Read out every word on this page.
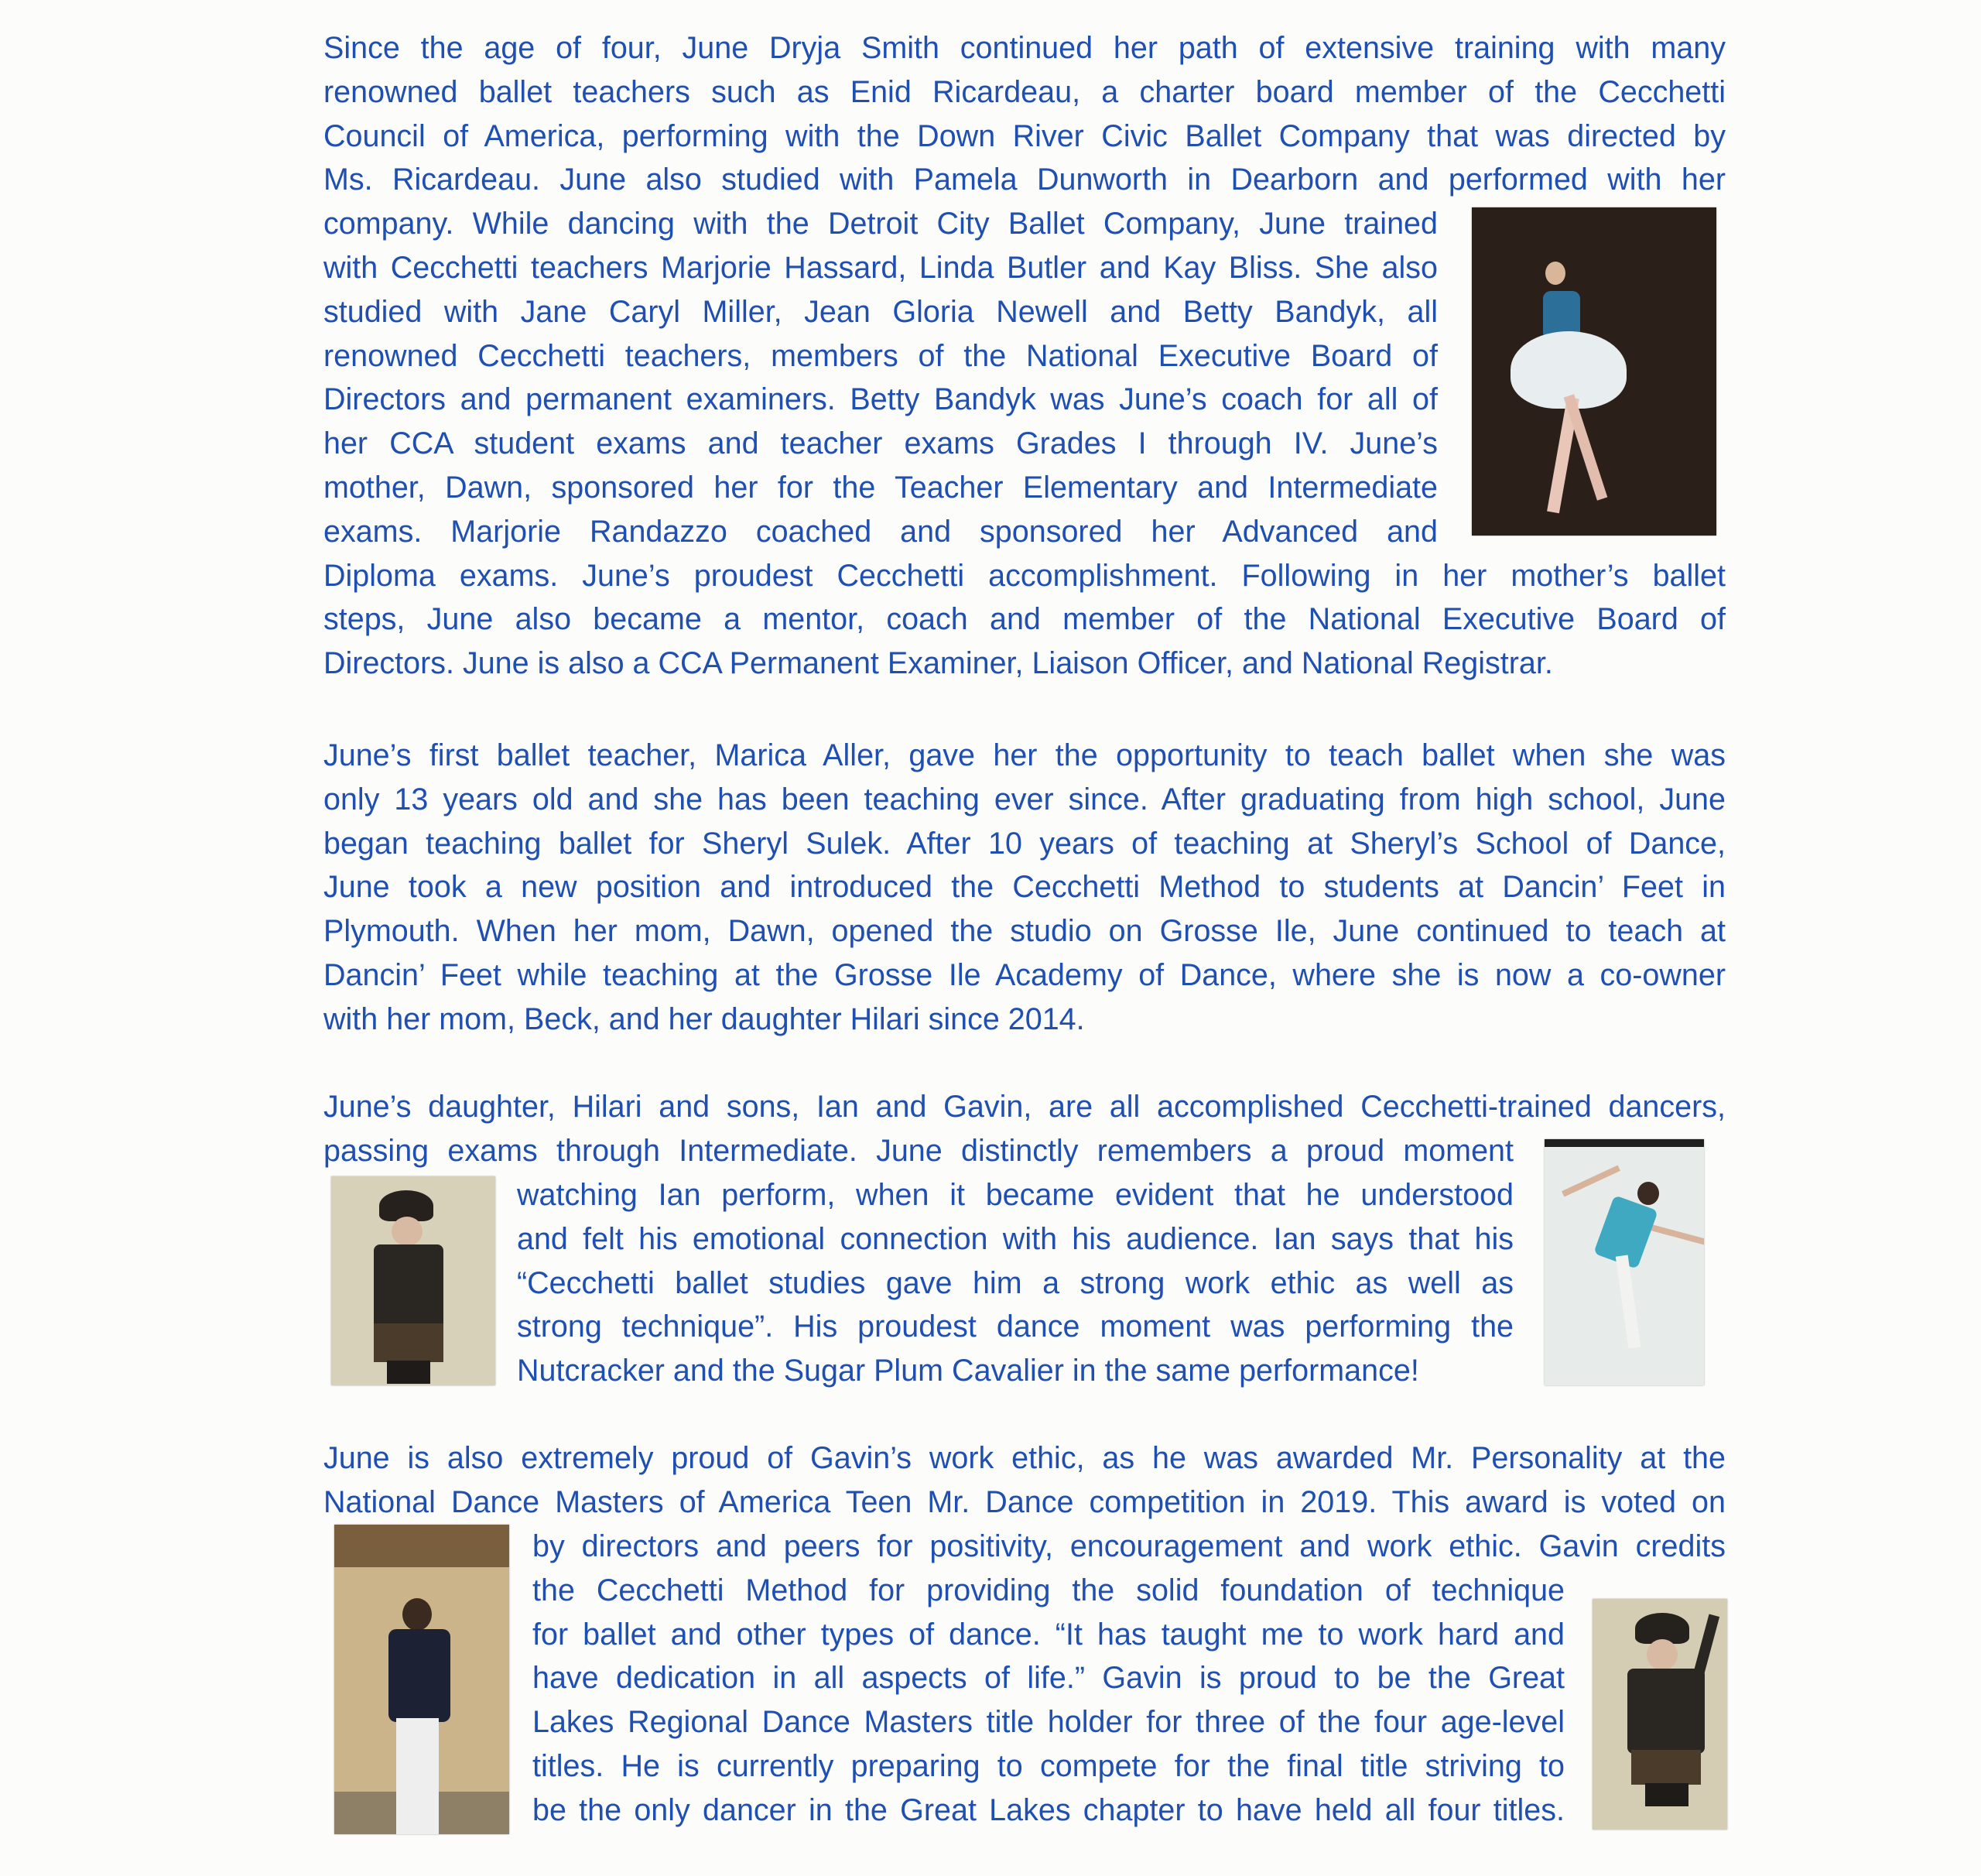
Since the age of four, June Dryja Smith continued her path of extensive training with many
renowned ballet teachers such as Enid Ricardeau, a charter board member of the Cecchetti
Council of America, performing with the Down River Civic Ballet Company that was directed by
Ms. Ricardeau. June also studied with Pamela Dunworth in Dearborn and performed with her
company. While dancing with the Detroit City Ballet Company, June trained
with Cecchetti teachers Marjorie Hassard, Linda Butler and Kay Bliss. She also
studied with Jane Caryl Miller, Jean Gloria Newell and Betty Bandyk, all
renowned Cecchetti teachers, members of the National Executive Board of
Directors and permanent examiners. Betty Bandyk was June’s coach for all of
her CCA student exams and teacher exams Grades I through IV. June’s
mother, Dawn, sponsored her for the Teacher Elementary and Intermediate
exams. Marjorie Randazzo coached and sponsored her Advanced and
Diploma exams. June’s proudest Cecchetti accomplishment. Following in her mother’s ballet
steps, June also became a mentor, coach and member of the National Executive Board of
Directors. June is also a CCA Permanent Examiner, Liaison Officer, and National Registrar.
June’s first ballet teacher, Marica Aller, gave her the opportunity to teach ballet when she was
only 13 years old and she has been teaching ever since. After graduating from high school, June
began teaching ballet for Sheryl Sulek. After 10 years of teaching at Sheryl’s School of Dance,
June took a new position and introduced the Cecchetti Method to students at Dancin’ Feet in
Plymouth. When her mom, Dawn, opened the studio on Grosse Ile, June continued to teach at
Dancin’ Feet while teaching at the Grosse Ile Academy of Dance, where she is now a co-owner
with her mom, Beck, and her daughter Hilari since 2014.
June’s daughter, Hilari and sons, Ian and Gavin, are all accomplished Cecchetti-trained dancers,
passing exams through Intermediate. June distinctly remembers a proud moment
watching Ian perform, when it became evident that he understood
and felt his emotional connection with his audience. Ian says that his
“Cecchetti ballet studies gave him a strong work ethic as well as
strong technique”. His proudest dance moment was performing the
Nutcracker and the Sugar Plum Cavalier in the same performance!
June is also extremely proud of Gavin’s work ethic, as he was awarded Mr. Personality at the
National Dance Masters of America Teen Mr. Dance competition in 2019. This award is voted on
by directors and peers for positivity, encouragement and work ethic. Gavin credits
the Cecchetti Method for providing the solid foundation of technique
for ballet and other types of dance. “It has taught me to work hard and
have dedication in all aspects of life.” Gavin is proud to be the Great
Lakes Regional Dance Masters title holder for three of the four age-level
titles. He is currently preparing to compete for the final title striving to
be the only dancer in the Great Lakes chapter to have held all four titles.
